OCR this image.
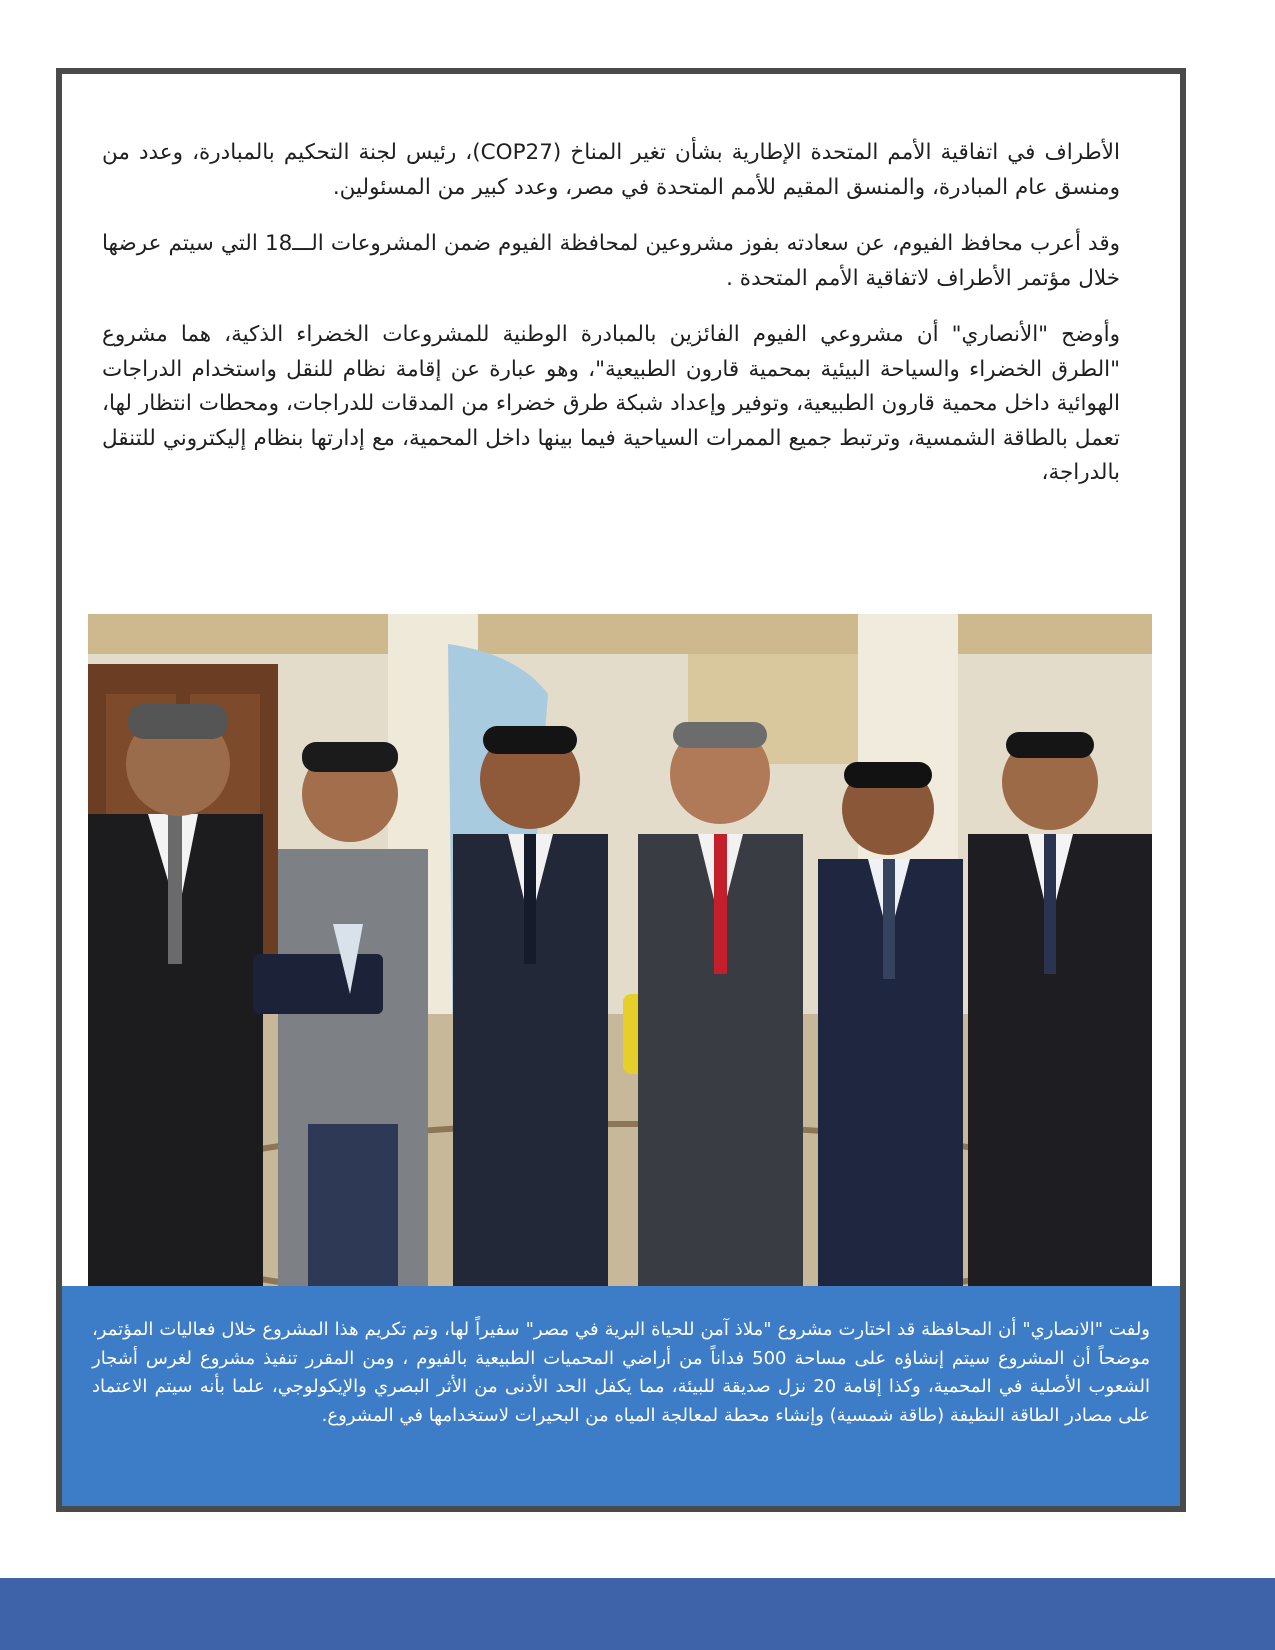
الأطراف في اتفاقية الأمم المتحدة الإطارية بشأن تغير المناخ (COP27)، رئيس لجنة التحكيم بالمبادرة، وعدد من ومنسق عام المبادرة، والمنسق المقيم للأمم المتحدة في مصر، وعدد كبير من المسئولين.

وقد أعرب محافظ الفيوم، عن سعادته بفوز مشروعين لمحافظة الفيوم ضمن المشروعات الـــ18 التي سيتم عرضها خلال مؤتمر الأطراف لاتفاقية الأمم المتحدة .

وأوضح "الأنصاري" أن مشروعي الفيوم الفائزين بالمبادرة الوطنية للمشروعات الخضراء الذكية، هما مشروع "الطرق الخضراء والسياحة البيئية بمحمية قارون الطبيعية"، وهو عبارة عن إقامة نظام للنقل واستخدام الدراجات الهوائية داخل محمية قارون الطبيعية، وتوفير وإعداد شبكة طرق خضراء من المدقات للدراجات، ومحطات انتظار لها، تعمل بالطاقة الشمسية، وترتبط جميع الممرات السياحية فيما بينها داخل المحمية، مع إدارتها بنظام إليكتروني للتنقل بالدراجة،

ولفت "الانصاري" أن المحافظة قد اختارت مشروع "ملاذ آمن للحياة البرية في مصر" سفيراً لها، وتم تكريم هذا المشروع خلال فعاليات المؤتمر، موضحاً أن المشروع سيتم إنشاؤه على مساحة 500 فداناً من أراضي المحميات الطبيعية بالفيوم ، ومن المقرر تنفيذ مشروع لغرس أشجار الشعوب الأصلية في المحمية، وكذا إقامة 20 نزل صديقة للبيئة، مما يكفل الحد الأدنى من الأثر البصري والإيكولوجي، علما بأنه سيتم الاعتماد على مصادر الطاقة النظيفة (طاقة شمسية) وإنشاء محطة لمعالجة المياه من البحيرات لاستخدامها في المشروع.
